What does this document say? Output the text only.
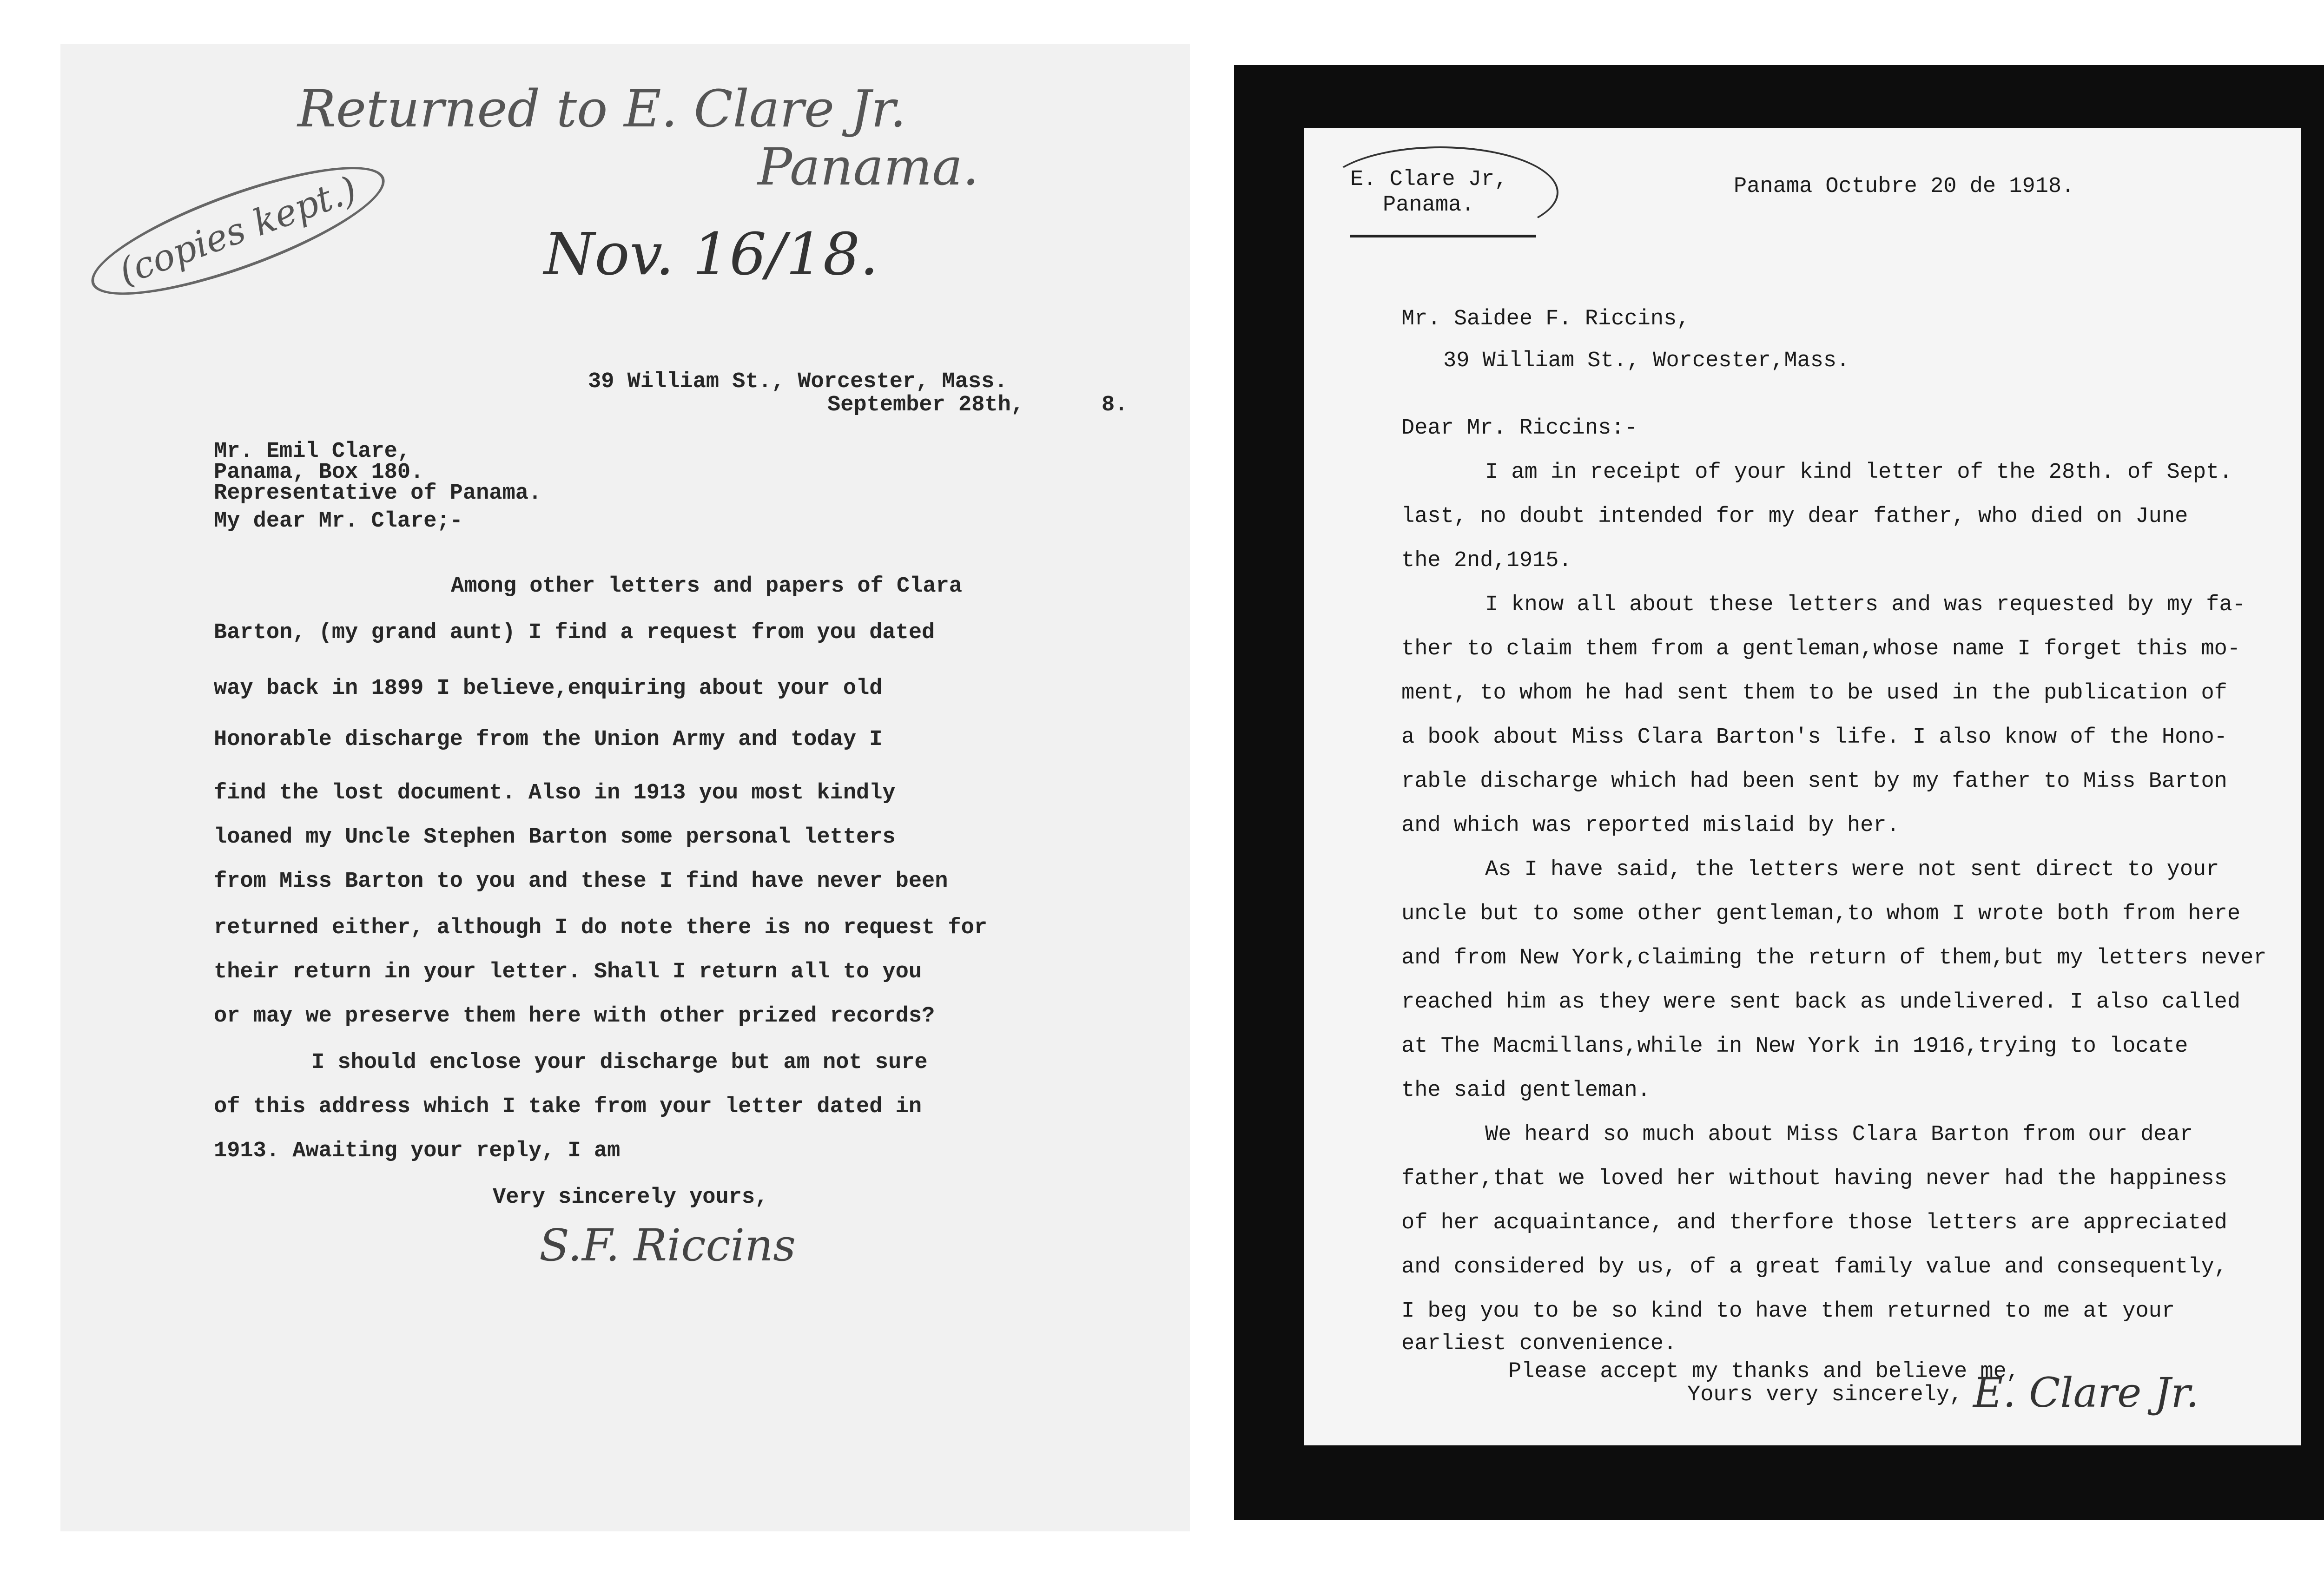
Returned to E. Clare Jr.
Panama.
(copies kept.)	Nov. 16/18.
39 William St., Worcester, Mass.
September 28th,	8.
Mr. Emil Clare,
Panama, Box 180.
Representative of Panama.
My dear Mr. Clare;-
Among other letters and papers of Clara
Barton, (my grand aunt) I find a request from you dated
way back in 1899 I believe,enquiring about your old
Honorable discharge from the Union Army and today I
find the lost document. Also in 1913 you most kindly
loaned my Uncle Stephen Barton some personal letters
from Miss Barton to you and these I find have never been
returned either, although I do note there is no request for
their return in your letter. Shall I return all to you
or may we preserve them here with other prized records?
I should enclose your discharge but am not sure
of this address which I take from your letter dated in
1913. Awaiting your reply, I am
Very sincerely yours,
S.F. Riccins
E. Clare Jr,
Panama.
Panama Octubre 20 de 1918.
Mr. Saidee F. Riccins,
39 William St., Worcester,Mass.
Dear Mr. Riccins:-
I am in receipt of your kind letter of the 28th. of Sept.
last, no doubt intended for my dear father, who died on June
the 2nd,1915.
I know all about these letters and was requested by my fa-
ther to claim them from a gentleman,whose name I forget this mo-
ment, to whom he had sent them to be used in the publication of
a book about Miss Clara Barton's life. I also know of the Hono-
rable discharge which had been sent by my father to Miss Barton
and which was reported mislaid by her.
As I have said, the letters were not sent direct to your
uncle but to some other gentleman,to whom I wrote both from here
and from New York,claiming the return of them,but my letters never
reached him as they were sent back as undelivered. I also called
at The Macmillans,while in New York in 1916,trying to locate
the said gentleman.
We heard so much about Miss Clara Barton from our dear
father,that we loved her without having never had the happiness
of her acquaintance, and therfore those letters are appreciated
and considered by us, of a great family value and consequently,
I beg you to be so kind to have them returned to me at your
earliest convenience.
Please accept my thanks and believe me,
Yours very sincerely, E. Clare Jr.
